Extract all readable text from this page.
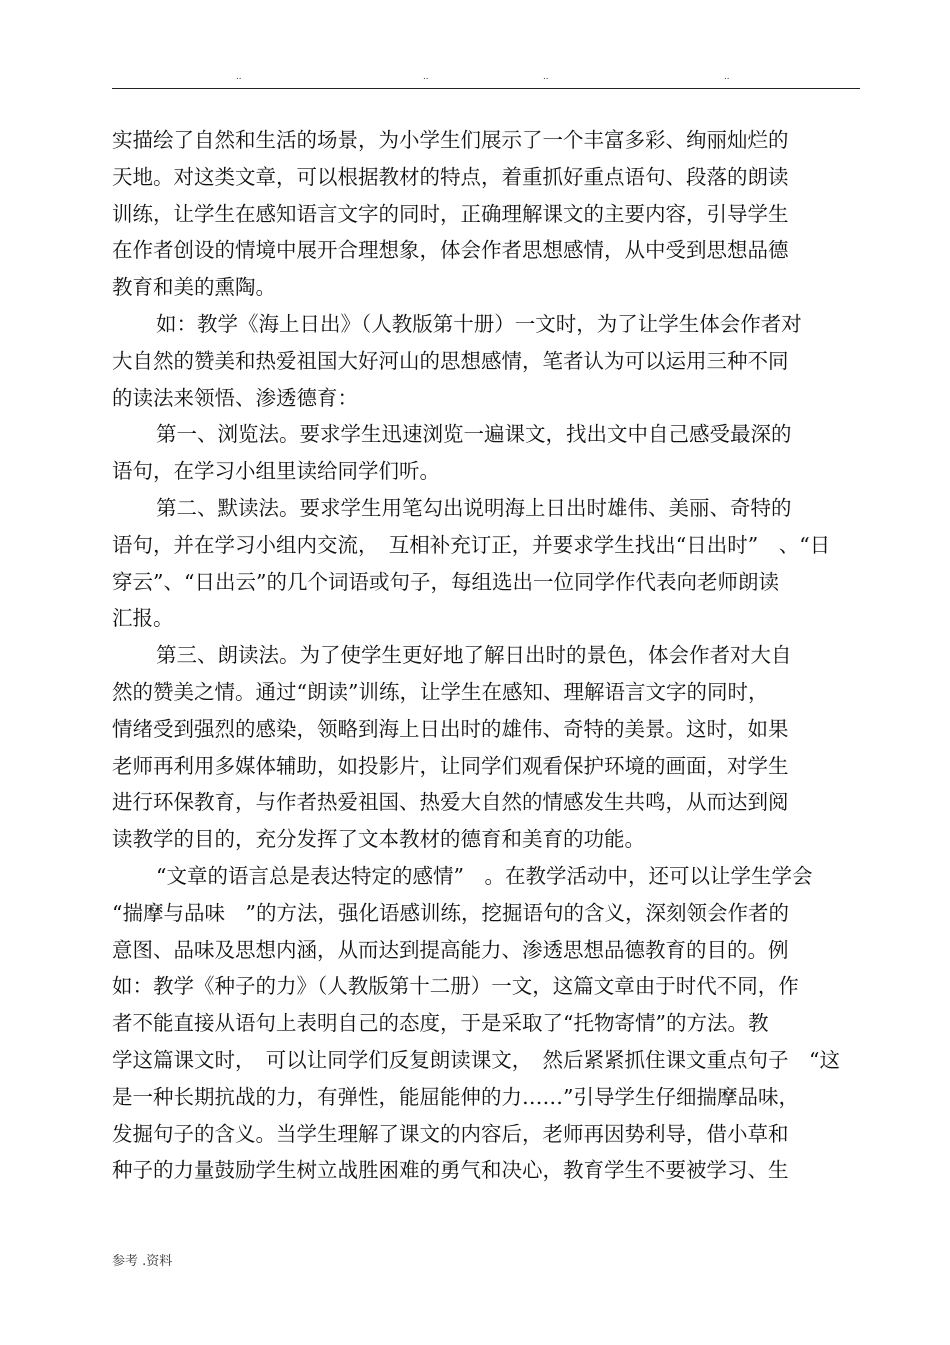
..	..	..	..
实描绘了自然和生活的场景，为小学生们展示了一个丰富多彩、绚丽灿烂的
天地。对这类文章，可以根据教材的特点，着重抓好重点语句、段落的朗读
训练，让学生在感知语言文字的同时，正确理解课文的主要内容，引导学生
在作者创设的情境中展开合理想象，体会作者思想感情，从中受到思想品德
教育和美的熏陶。
如：教学《海上日出》（人教版第十册）一文时，为了让学生体会作者对
大自然的赞美和热爱祖国大好河山的思想感情，笔者认为可以运用三种不同
的读法来领悟、渗透德育：
第一、浏览法。要求学生迅速浏览一遍课文，找出文中自己感受最深的
语句，在学习小组里读给同学们听。
第二、默读法。要求学生用笔勾出说明海上日出时雄伟、美丽、奇特的
语句，并在学习小组内交流，　互相补充订正，并要求学生找出“日出时”　、“日
穿云”、“日出云”的几个词语或句子，每组选出一位同学作代表向老师朗读
汇报。
第三、朗读法。为了使学生更好地了解日出时的景色，体会作者对大自
然的赞美之情。通过“朗读”训练，让学生在感知、理解语言文字的同时，
情绪受到强烈的感染，领略到海上日出时的雄伟、奇特的美景。这时，如果
老师再利用多媒体辅助，如投影片，让同学们观看保护环境的画面，对学生
进行环保教育，与作者热爱祖国、热爱大自然的情感发生共鸣，从而达到阅
读教学的目的，充分发挥了文本教材的德育和美育的功能。
“文章的语言总是表达特定的感情”　。在教学活动中，还可以让学生学会
“揣摩与品味　”的方法，强化语感训练，挖掘语句的含义，深刻领会作者的
意图、品味及思想内涵，从而达到提高能力、渗透思想品德教育的目的。例
如：教学《种子的力》（人教版第十二册）一文，这篇文章由于时代不同，作
者不能直接从语句上表明自己的态度，于是采取了“托物寄情”的方法。教
学这篇课文时，　可以让同学们反复朗读课文，　然后紧紧抓住课文重点句子　“这
是一种长期抗战的力，有弹性，能屈能伸的力……”引导学生仔细揣摩品味，
发掘句子的含义。当学生理解了课文的内容后，老师再因势利导，借小草和
种子的力量鼓励学生树立战胜困难的勇气和决心，教育学生不要被学习、生
参考 .资料
